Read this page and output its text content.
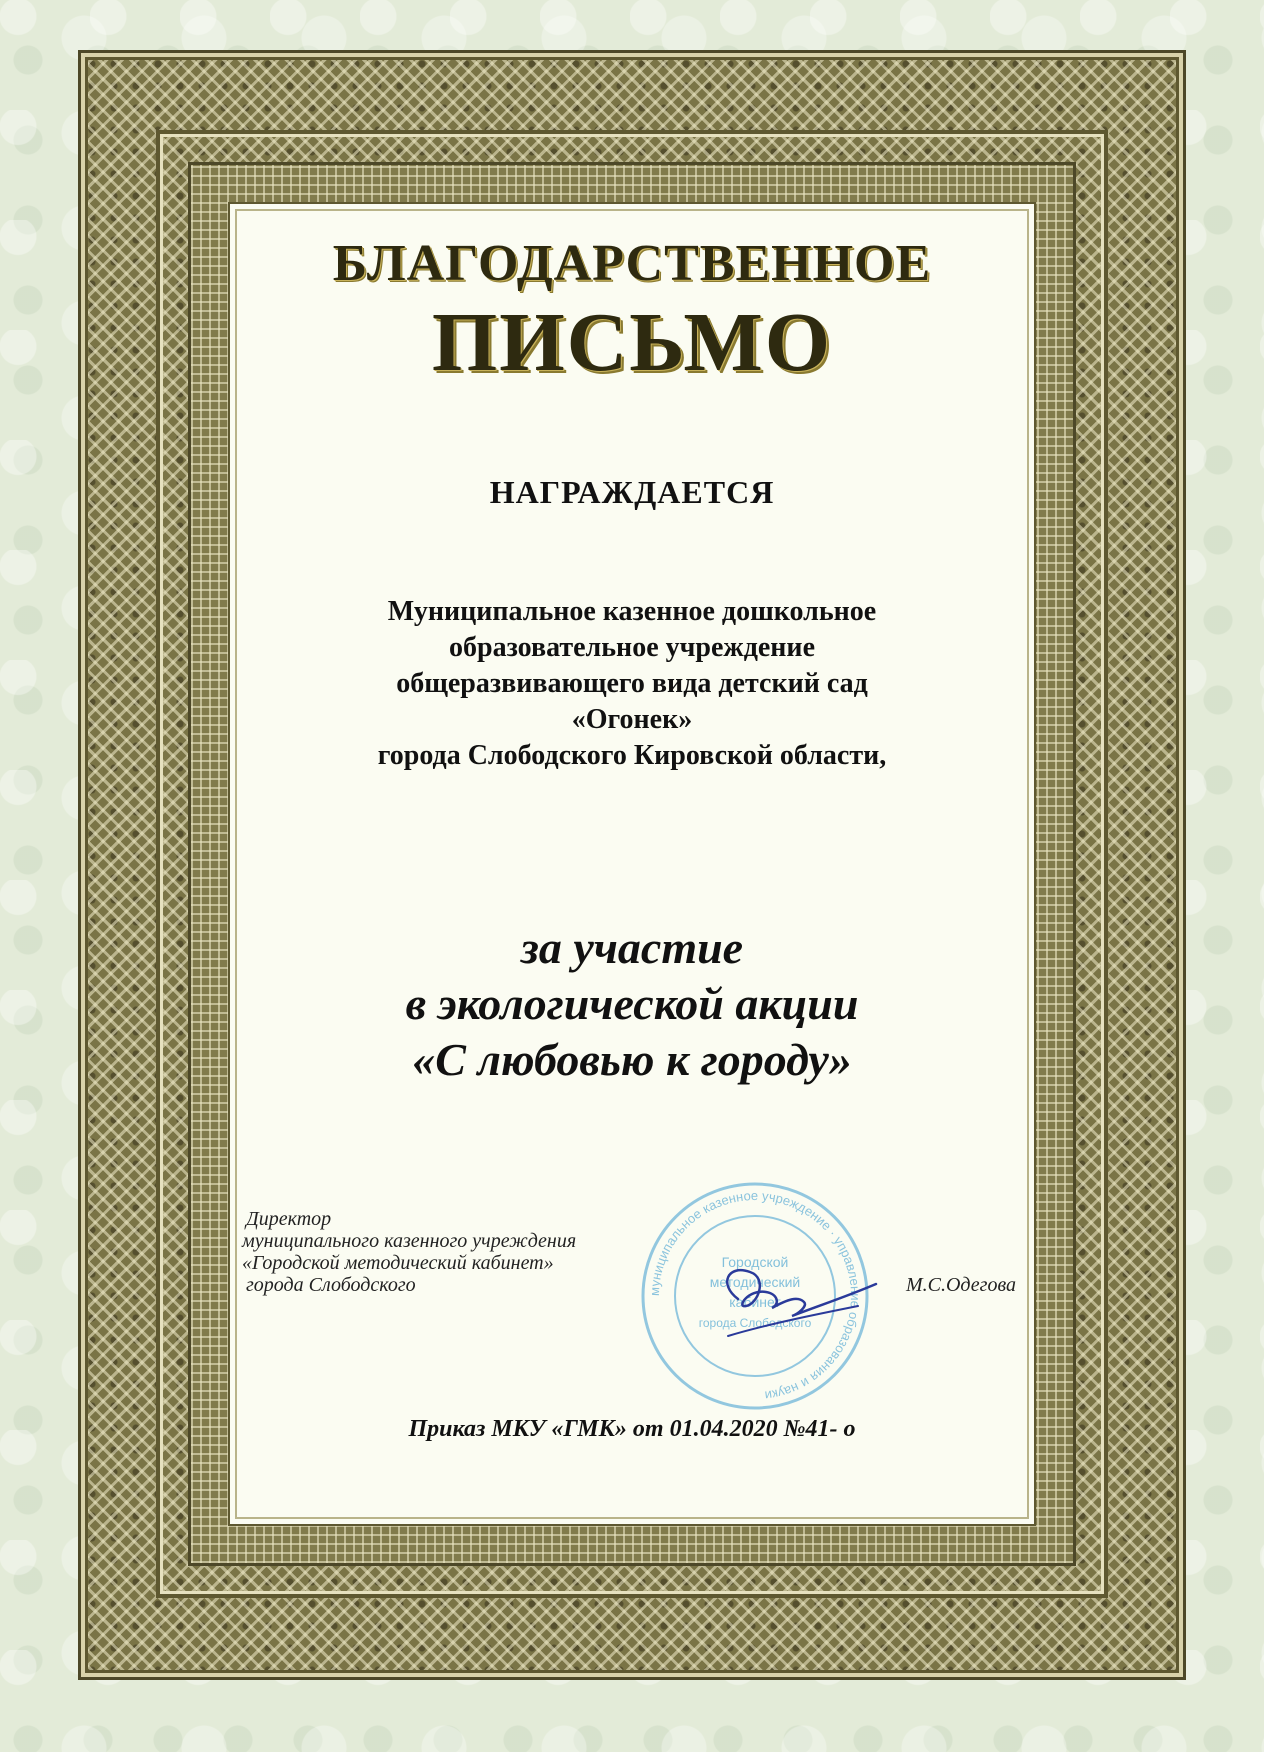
БЛАГОДАРСТВЕННОЕ
ПИСЬМО
НАГРАЖДАЕТСЯ
Муниципальное казенное дошкольное
образовательное учреждение
общеразвивающего вида детский сад
«Огонек»
города Слободского Кировской области,
за участие
в экологической акции
«С любовью к городу»
Директор
муниципального казенного учреждения
«Городской методический кабинет»
города Слободского	муниципальное казенное учреждение · управление образования и науки
Городской
методический
кабинет
города Слободского
М.С.Одегова
Приказ МКУ «ГМК» от 01.04.2020 №41- о
